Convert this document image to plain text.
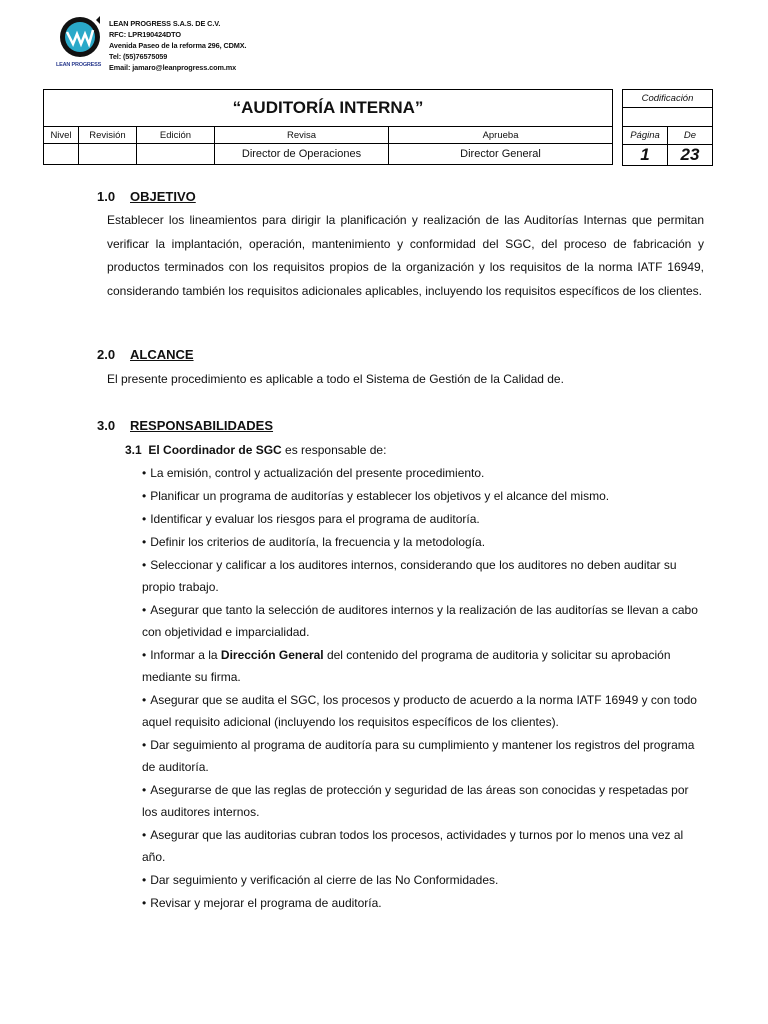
LEAN PROGRESS
LEAN PROGRESS S.A.S. DE C.V.
RFC: LPR190424DTO
Avenida Paseo de la reforma 296, CDMX.
Tel: (55)76575059
Email: jamaro@leanprogress.com.mx
“AUDITORÍA INTERNA”				
Nivel	Revisión	Edición	Revisa	Aprueba
			Director de Operaciones	Director General
Codificación	

Página	De
1	23
1.0 OBJETIVO
Establecer los lineamientos para dirigir la planificación y realización de las Auditorías Internas que permitan verificar la implantación, operación, mantenimiento y conformidad del SGC, del proceso de fabricación y productos terminados con los requisitos propios de la organización y los requisitos de la norma IATF 16949, considerando también los requisitos adicionales aplicables, incluyendo los requisitos específicos de los clientes.
2.0 ALCANCE
El presente procedimiento es aplicable a todo el Sistema de Gestión de la Calidad de.
3.0 RESPONSABILIDADES
3.1 El Coordinador de SGC es responsable de:
• La emisión, control y actualización del presente procedimiento.
• Planificar un programa de auditorías y establecer los objetivos y el alcance del mismo.
• Identificar y evaluar los riesgos para el programa de auditoría.
• Definir los criterios de auditoría, la frecuencia y la metodología.
• Seleccionar y calificar a los auditores internos, considerando que los auditores no deben auditar su propio trabajo.
• Asegurar que tanto la selección de auditores internos y la realización de las auditorías se llevan a cabo con objetividad e imparcialidad.
• Informar a la Dirección General del contenido del programa de auditoria y solicitar su aprobación mediante su firma.
• Asegurar que se audita el SGC, los procesos y producto de acuerdo a la norma IATF 16949 y con todo aquel requisito adicional (incluyendo los requisitos específicos de los clientes).
• Dar seguimiento al programa de auditoría para su cumplimiento y mantener los registros del programa de auditoría.
• Asegurarse de que las reglas de protección y seguridad de las áreas son conocidas y respetadas por los auditores internos.
• Asegurar que las auditorias cubran todos los procesos, actividades y turnos por lo menos una vez al año.
• Dar seguimiento y verificación al cierre de las No Conformidades.
• Revisar y mejorar el programa de auditoría.
